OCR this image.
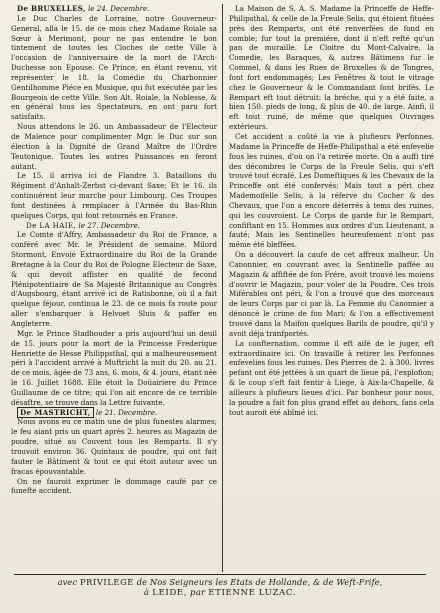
De BRUXELLES, le 24. Decembre.

Le Duc Charles de Lorraine, notre Gouverneur-General, alla le 15. de ce mois chez Madame Roiale sa Sœur à Merimont, pour ne pas entendre le bon tintement de toutes les Cloches de cette Ville à l'occasion de l'anniversaire de la mort de l'Arch-Duchesse son Epouse. Ce Prince, en étant revenu, vit représenter le 18. la Comédie du Charbonnier Gentilhomme Piéce en Musique, qui fut exécutée par les Bourgeois de cette Ville. Son Alt. Roiale, la Noblesse, & en général tous les Spectateurs, en ont paru fort satisfaits.

Nous attendons le 26. un Ambassadeur de l'Electeur de Maïence pour complimenter Mgr. le Duc sur son élection à la Dignité de Grand Maître de l'Ordre Teutonique. Toutes les autres Puissances en feront autant.

Le 15. il arriva ici de Flandre 3. Bataillons du Régiment d'Anhalt-Zerbst ci-devant Saxe; Et le 16. ils continuérent leur marche pour Limbourg. Ces Troupes font destinées à remplacer à l'Armée du Bas-Rhin quelques Corps, qui font retournés en France.

De LA HAIE, le 27. Decembre.

Le Comte d'Affry, Ambassadeur du Roi de France, a conféré avec Mr. le Président de semaine. Milord Stormont, Envoié Extraordinaire du Roi de la Grande Bretagne à la Cour du Roi de Pologne Electeur de Saxe, & qui devoit affister en qualité de fecond Plénipotentiaire de Sa Majesté Britannique au Congrès d'Augsbourg, étant arrivé ici de Ratisbonne, où il a fait quelque féjour, continua le 23. de ce mois fa route pour aller s'embarquer à Helvoet Sluis & paffer en Angleterre.

Mgr. le Prince Stadhouder a pris aujourd'hui un deuil de 15. jours pour la mort de la Princesse Frederique Henriette de Hesse Philippsthal, qui a malheureusement péri à l'accident arrivé à Muftricht la nuit du 20. au 21. de ce mois, âgée de 73 ans, 6. mois, & 4. jours, étant née le 16. Juillet 1688. Elle étoit la Doüairiere du Prince Guillaume de ce titre; qui l'on ait encore de ce terrible désaftre, se trouve dans la Lettre fuivante.

De MASTRICHT, le 21. Decembre.

Nous avons eu ce matin une de plus funestes alarmes; le feu aiant pris un quart après 2. heures au Magazin de poudre, situé au Couvent tous les Remparts. Il s'y trouvoit environ 36. Quintaux de poudre, qui ont fait fauter le Bâtiment & tout ce qui étoit autour avec un fracas épouvantable.

On ne fauroit exprimer le dommage caufé par ce funefte accident.

La Maison de S. A. S. Madame la Princeffe de Heffe-Philipsthal, & celle de la Freule Selis, qui étoient fituées près des Remparts, ont été renverfées de fond en comble; fur tout la premiére, dont il n'eft refté qu'un pan de muraille. Le Cloitre du Mont-Calvaire, la Comedie, les Baraques, & autres Bâtimens fur le Commel, & dans les Rues de Bruxelles & de Tongres, font fort endommagés; Les Fenêtres & tout le vitrage chez le Gouverneur & le Commandant font brifés. Le Rempart eft tout détruit: la bréche, qui y a été faite, a bien 150. pieds de long, & plus de 40. de large. Ainfi, il eft tout ruiné, de même que quelques Ouvrages extérieurs.

Cet accident a coûté la vie à plufieurs Perfonnes. Madame la Princeffe de Heffe-Philipsthal a été enfevelie fous les ruines, d'où on l'a retirée morte. On a auffi tiré des décombres le Corps de la Freule Selis, qui s'eft trouvé tout écrafé. Les Domeftiques & les Chevaux de la Princeffe ont été confervés; Mais tout a péri chez Mademoifelle Selis, à la réferve du Cocher & des Chevaux, que l'on a encore déterrés à tems des ruines, qui les couvroient. Le Corps de garde fur le Rempart, confiftant en 15. Hommes aux ordres d'un Lieutenant, a fauté; Mais les Sentinelles heureufement n'ont pas même été bleffées.

On a découvert la caufe de cet affreux malheur. Un Canonnier, en couvrant avec la Sentinelle paffée au Magazin & affiftée de fon Frére, avoit trouvé les moiens d'ouvrir le Magazin, pour voler de la Poudre. Ces trois Miférables ont péri, & l'on a trouvé que des morceaux de leurs Corps par ci par là. La Femme du Canonnier a dénoncé le crime de fon Mari; & l'on a effectivement trouvé dans la Maifon quelques Barils de poudre, qu'il y avoit déja tranfportés.

La confternation, comme il eft aifé de le juger, eft extraordinaire ici. On travaille à retirer les Perfonnes enfevelies fous les ruines. Des Pierres de 2. à 300. livres pefant ont été jettées à un quart de lieue pâ, l'explofion; & le coup s'eft fait fentir à Liege, à Aix-la-Chapelle, & ailleurs à plufieurs lieues d'ici. Par bonheur pour nous, la poudre a fait fon plus grand effet au dehors, fans cela tout auroit été abîmé ici.

avec PRIVILEGE de Nos Seigneurs les Etats de Hollande, & de Weft-Frife,
à LEIDE, par ETIENNE LUZAC.
